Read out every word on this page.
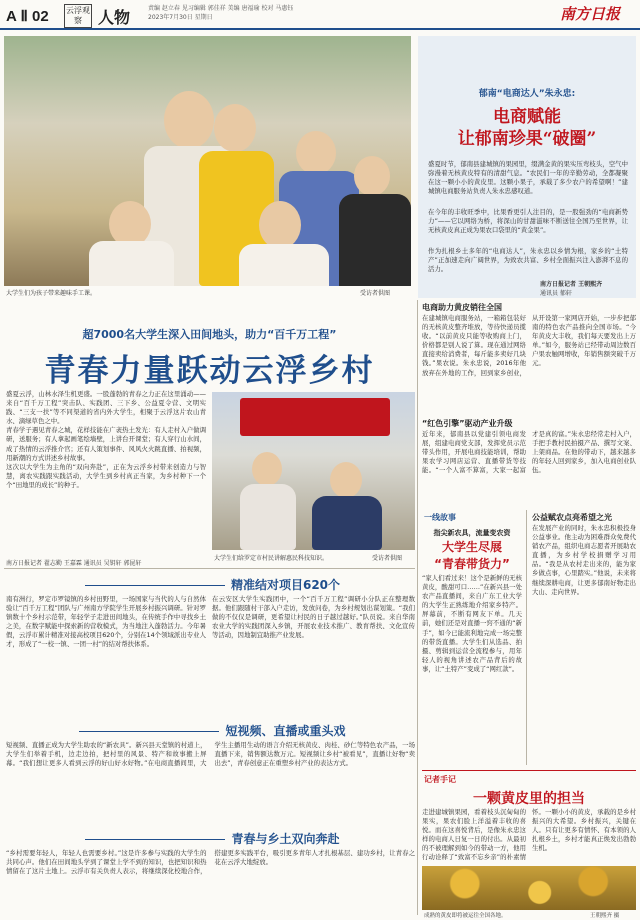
A Ⅱ 02 云浮观察	人物	责编 赵立春 见习编辑 郭佳祥 美编 唐福瑜 校对 马惠钰
2023年7月30日 星期日	南方日报
大学生们为孩子带来趣味手工课。	受访者供图
郁南“电商达人”朱永忠:
电商赋能
让郁南珍果“破圈”
盛夏时节，郁南县建城镇的果园里，缀满金黄的果实压弯枝头，空气中弥漫着无核黄皮特有的清甜气息。“农民们一年的辛勤劳动，全都凝聚在这一颗小小的黄皮里。这颗小果子，承载了多少农户的希望啊！”建城镇电商服务站负责人朱永忠感叹道。
在今年的丰收旺季中，比果香更引人注目的，是一股强劲的“电商新势力”——它以网络为桥，将深山的甘甜滋味不断送往全国乃至世界，让无核黄皮真正成为果农口袋里的“黄金果”。
作为扎根乡土多年的“电商达人”，朱永忠以乡情为根，家乡的“土特产”正加速走向广阔世界，为致农共富、乡村全面振兴注入澎湃不息的活力。
南方日报记者 王朝熙齐
通讯员 郁轩
超7000名大学生深入田间地头，助力“百千万工程”
青春力量跃动云浮乡村
盛夏云浮，山林水泽生机更盛。一股蓬勃的青春之力正在这里涌动——来自“百千万工程”突击队、实践团、三下乡、公益夏令营、文明实践、“三支一扶”等不同渠道的省内外大学生，相聚于云浮这片农山青水、滴绿草色之中。
青春学子遇见青春之城，花样技能在广袤热土发光：有人走村入户做调研，送服务；有人拿起画笔绘墙壁，上讲台开课堂；有人穿行山水间，成了热情的云浮推介官；还有人策划事件、风风火火跳直播、拍视频，用新潮的方式讲述乡村故事。
这次以大学生为主角的“双向奔赴”，正在为云浮乡村带来创造力与智慧，离农实践跟实践活动，大学生到乡村真正当家，为乡村种下一个个“田地里的成长”的种子。
南方日报记者 翟志勤 王嘉霖 通讯员 吴钥轩 郭昆轩
大学生们给罗定市村民讲解惠民科技知识。	受访者供图
精准结对项目620个
南有洲行，罗定市罗镜镇的乡村田野里，一场国家与当代的人与自然体验让“百千万工程”团队与广州南方学院学生开展乡村振兴调研。针对罗镇数十个乡村示范带，年轻学子走进田间地头，在传统手作中寻找乡土之美，在数字赋能中探索新的营收模式，为当地注入蓬勃活力。今年暑假，云浮市累计精准对接高校项目620个，分别在14个领域派出专业人才，形成了“一校一镇、一团一村”的结对帮扶体系。
在云安区大学生实践团中，一个“百千万工程”调研小分队正在整理数据。他们跟随村干部入户走访，发放问卷，为乡村规划出谋划策。“我们做的不仅仅是调研，更希望让村民的日子越过越好。”队员说。来自华南农业大学的实践团深入乡镇，开展农业技术推广、教育帮扶、文化宣传等活动，因地制宜助推产业发展。
短视频、直播或重头戏
短视频、直播正成为大学生助农的“新农具”。新兴县天堂镇的村道上，大学生们举着手机，边走边拍，把村里的风景、特产和故事搬上屏幕。“我们想让更多人看到云浮的好山好水好物。”在电商直播间里，大学生主播用生动的语言介绍无核黄皮、肉桂、砂仁等特色农产品，一场直播下来，销售额达数万元。短视频让乡村“被看见”，直播让好物“卖出去”，青春创意正在重塑乡村产业的表达方式。
青春与乡土双向奔赴
“乡村需要年轻人，年轻人也需要乡村。”这是许多参与实践的大学生的共同心声。他们在田间地头学到了课堂上学不到的知识，也把知识和热情留在了这片土地上。云浮市有关负责人表示，将继续深化校地合作，搭建更多实践平台，吸引更多青年人才扎根基层、建功乡村，让青春之花在云浮大地绽放。
电商助力黄皮销往全国
在建城镇电商服务站，一箱箱包装好的无核黄皮整齐堆放，等待快递员揽收。“以前黄皮只能等收购商上门，价格都是别人说了算。现在通过网络直接卖给消费者，每斤能多卖好几块钱。”果农说。朱永忠说，2016年他放弃在外地的工作，回到家乡创业，从开设第一家网店开始，一步步把郁南的特色农产品推向全国市场。“今年黄皮大丰收，我们每天要发出上万单。”如今，服务站已经带动周边数百户果农触网增收，年销售额突破千万元。
“红色引擎”驱动产业升级
近年来，郁南县以党建引领电商发展，组建电商党支部，发挥党员示范带头作用，开展电商技能培训，帮助果农学习网店运营、直播带货等技能。“一个人富不算富，大家一起富才是真的富。”朱永忠经常走村入户，手把手教村民拍摄产品、撰写文案、上架商品。在他的带动下，越来越多的年轻人回到家乡，加入电商创业队伍。
一线故事
指尖新农具，流量变农资
大学生尽展
“青春带货力”
“家人们看过来！这个是新鲜的无核黄皮，酸甜可口……”在新兴县一处农产品直播间，来自广东工业大学的大学生正熟练地介绍家乡特产。屏幕前，不断有网友下单。几天前，她们还是对直播一窍不通的“新手”，如今已能流利地完成一场完整的带货直播。大学生们从选品、拍摄、剪辑到运营全流程参与，用年轻人的视角讲述农产品背后的故事，让“土特产”变成了“网红款”。
公益赋农点亮希望之光
在发展产业的同时，朱永忠积极投身公益事业。他主动为困难群众免费代销农产品，组织电商志愿者开展助农直播，为乡村学校捐赠学习用品。“我是从农村走出来的，能为家乡做点事，心里踏实。”他说，未来将继续深耕电商，让更多郁南好物走出大山、走向世界。
记者手记
一颗黄皮里的担当
走进建城镇果园，看着枝头沉甸甸的果实，果农们脸上洋溢着丰收的喜悦。而在这喜悦背后，是像朱永忠这样的电商人日复一日的付出。从最初的不被理解到如今的带动一方，他用行动诠释了“致富不忘乡亲”的朴素情怀。一颗小小的黄皮，承载的是乡村振兴的大希望。乡村振兴，关键在人。只有让更多有情怀、有本领的人扎根乡土，乡村才能真正焕发出勃勃生机。
成熟的黄皮即将被运往全国各地。	王朝熙齐 摄
